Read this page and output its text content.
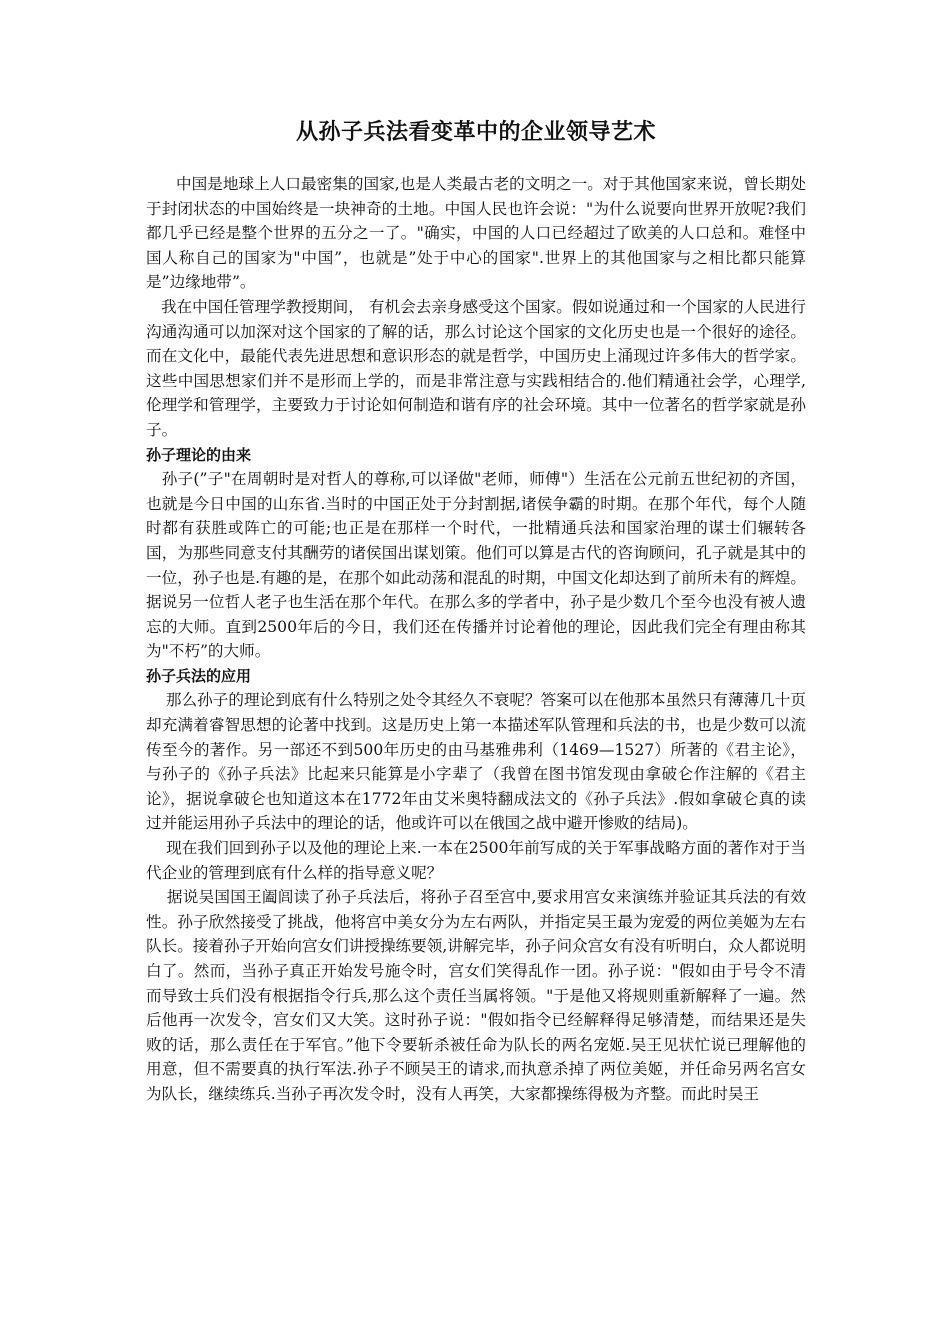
从孙子兵法看变革中的企业领导艺术

中国是地球上人口最密集的国家,也是人类最古老的文明之一。对于其他国家来说，曾长期处于封闭状态的中国始终是一块神奇的土地。中国人民也许会说："为什么说要向世界开放呢?我们都几乎已经是整个世界的五分之一了。"确实，中国的人口已经超过了欧美的人口总和。难怪中国人称自己的国家为"中国”，也就是”处于中心的国家".世界上的其他国家与之相比都只能算是”边缘地带”。

我在中国任管理学教授期间， 有机会去亲身感受这个国家。假如说通过和一个国家的人民进行沟通沟通可以加深对这个国家的了解的话，那么讨论这个国家的文化历史也是一个很好的途径。而在文化中，最能代表先进思想和意识形态的就是哲学，中国历史上涌现过许多伟大的哲学家。这些中国思想家们并不是形而上学的，而是非常注意与实践相结合的.他们精通社会学，心理学,伦理学和管理学，主要致力于讨论如何制造和谐有序的社会环境。其中一位著名的哲学家就是孙子。

孙子理论的由来

孙子(”子"在周朝时是对哲人的尊称,可以译做"老师，师傅"）生活在公元前五世纪初的齐国，也就是今日中国的山东省.当时的中国正处于分封割据,诸侯争霸的时期。在那个年代，每个人随时都有获胜或阵亡的可能;也正是在那样一个时代，一批精通兵法和国家治理的谋士们辗转各国，为那些同意支付其酬劳的诸侯国出谋划策。他们可以算是古代的咨询顾问，孔子就是其中的一位，孙子也是.有趣的是，在那个如此动荡和混乱的时期，中国文化却达到了前所未有的辉煌。据说另一位哲人老子也生活在那个年代。在那么多的学者中，孙子是少数几个至今也没有被人遗忘的大师。直到2500年后的今日，我们还在传播并讨论着他的理论，因此我们完全有理由称其为"不朽”的大师。

孙子兵法的应用

那么孙子的理论到底有什么特别之处令其经久不衰呢？答案可以在他那本虽然只有薄薄几十页却充满着睿智思想的论著中找到。这是历史上第一本描述军队管理和兵法的书，也是少数可以流传至今的著作。另一部还不到500年历史的由马基雅弗利（1469—1527）所著的《君主论》，与孙子的《孙子兵法》比起来只能算是小字辈了（我曾在图书馆发现由拿破仑作注解的《君主论》，据说拿破仑也知道这本在1772年由艾米奥特翻成法文的《孙子兵法》.假如拿破仑真的读过并能运用孙子兵法中的理论的话，他或许可以在俄国之战中避开惨败的结局)。

现在我们回到孙子以及他的理论上来.一本在2500年前写成的关于军事战略方面的著作对于当代企业的管理到底有什么样的指导意义呢？

据说吴国国王阖闾读了孙子兵法后，将孙子召至宫中,要求用宫女来演练并验证其兵法的有效性。孙子欣然接受了挑战，他将宫中美女分为左右两队，并指定吴王最为宠爱的两位美姬为左右队长。接着孙子开始向宫女们讲授操练要领,讲解完毕，孙子问众宫女有没有听明白，众人都说明白了。然而，当孙子真正开始发号施令时，宫女们笑得乱作一团。孙子说："假如由于号令不清而导致士兵们没有根据指令行兵,那么这个责任当属将领。"于是他又将规则重新解释了一遍。然后他再一次发令，宫女们又大笑。这时孙子说："假如指令已经解释得足够清楚，而结果还是失败的话，那么责任在于军官。”他下令要斩杀被任命为队长的两名宠姬.吴王见状忙说已理解他的用意，但不需要真的执行军法.孙子不顾吴王的请求,而执意杀掉了两位美姬，并任命另两名宫女为队长，继续练兵.当孙子再次发令时，没有人再笑，大家都操练得极为齐整。而此时吴王
